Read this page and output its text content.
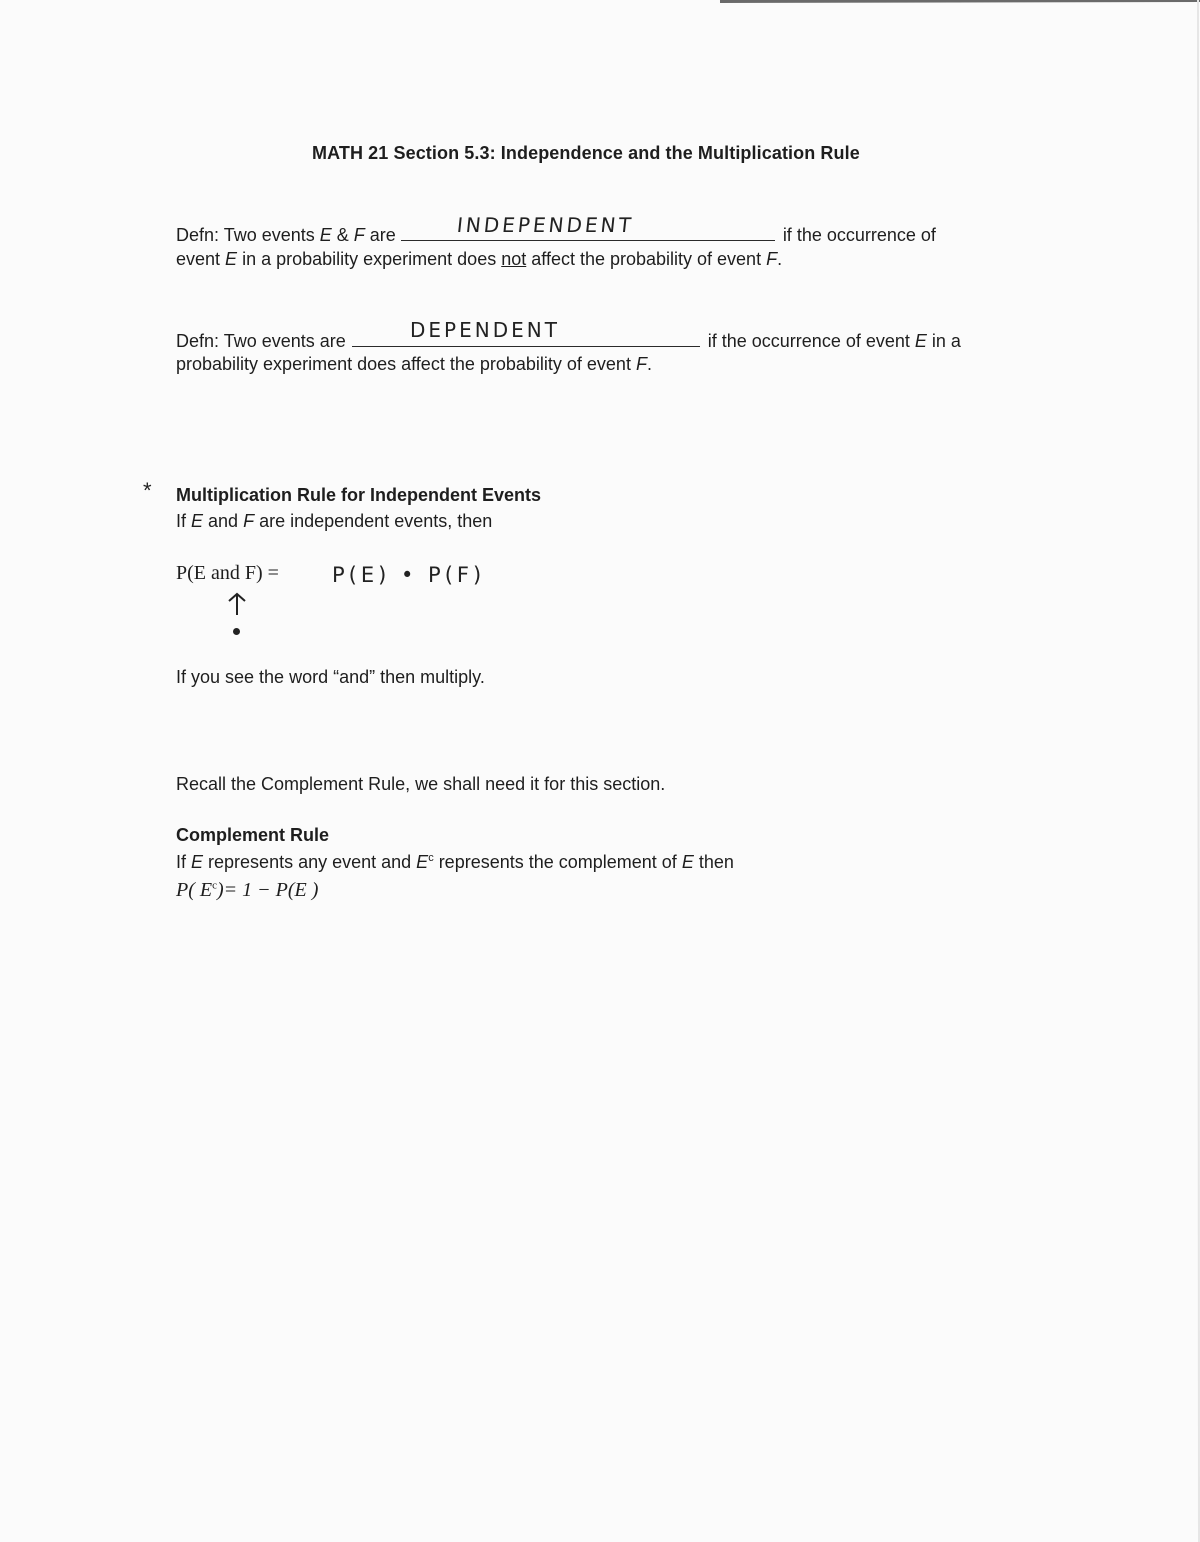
MATH 21 Section 5.3: Independence and the Multiplication Rule
Defn: Two events E & F are	if the occurrence of
INDEPENDENT
event E in a probability experiment does not affect the probability of event F.
Defn: Two events are	if the occurrence of event E in a
DEPENDENT
probability experiment does affect the probability of event F.
* Multiplication Rule for Independent Events
If E and F are independent events, then
P(E and F) =	P(E) • P(F)
If you see the word “and” then multiply.
Recall the Complement Rule, we shall need it for this section.
Complement Rule
If E represents any event and $E^c$ represents the complement of E then
P( $E^c)= 1 - P(E$ )
